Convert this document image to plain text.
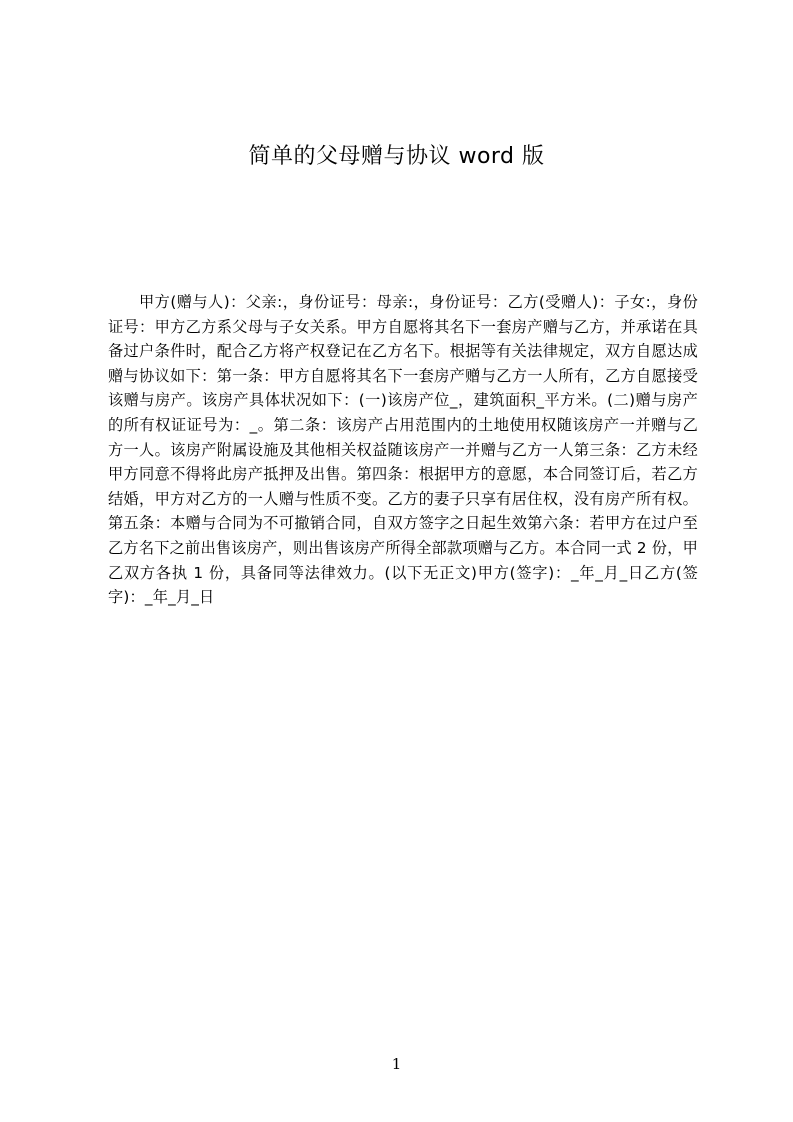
简单的父母赠与协议 word 版
甲方(赠与人)：父亲:，身份证号：母亲:，身份证号：乙方(受赠人)：子女:，身份证号：甲方乙方系父母与子女关系。甲方自愿将其名下一套房产赠与乙方，并承诺在具备过户条件时，配合乙方将产权登记在乙方名下。根据等有关法律规定，双方自愿达成赠与协议如下：第一条：甲方自愿将其名下一套房产赠与乙方一人所有，乙方自愿接受该赠与房产。该房产具体状况如下：(一)该房产位_，建筑面积_平方米。(二)赠与房产的所有权证证号为：_。第二条：该房产占用范围内的土地使用权随该房产一并赠与乙方一人。该房产附属设施及其他相关权益随该房产一并赠与乙方一人第三条：乙方未经甲方同意不得将此房产抵押及出售。第四条：根据甲方的意愿，本合同签订后，若乙方结婚，甲方对乙方的一人赠与性质不变。乙方的妻子只享有居住权，没有房产所有权。第五条：本赠与合同为不可撤销合同，自双方签字之日起生效第六条：若甲方在过户至乙方名下之前出售该房产，则出售该房产所得全部款项赠与乙方。本合同一式 2 份，甲乙双方各执 1 份，具备同等法律效力。(以下无正文)甲方(签字)：_年_月_日乙方(签字)：_年_月_日
1
